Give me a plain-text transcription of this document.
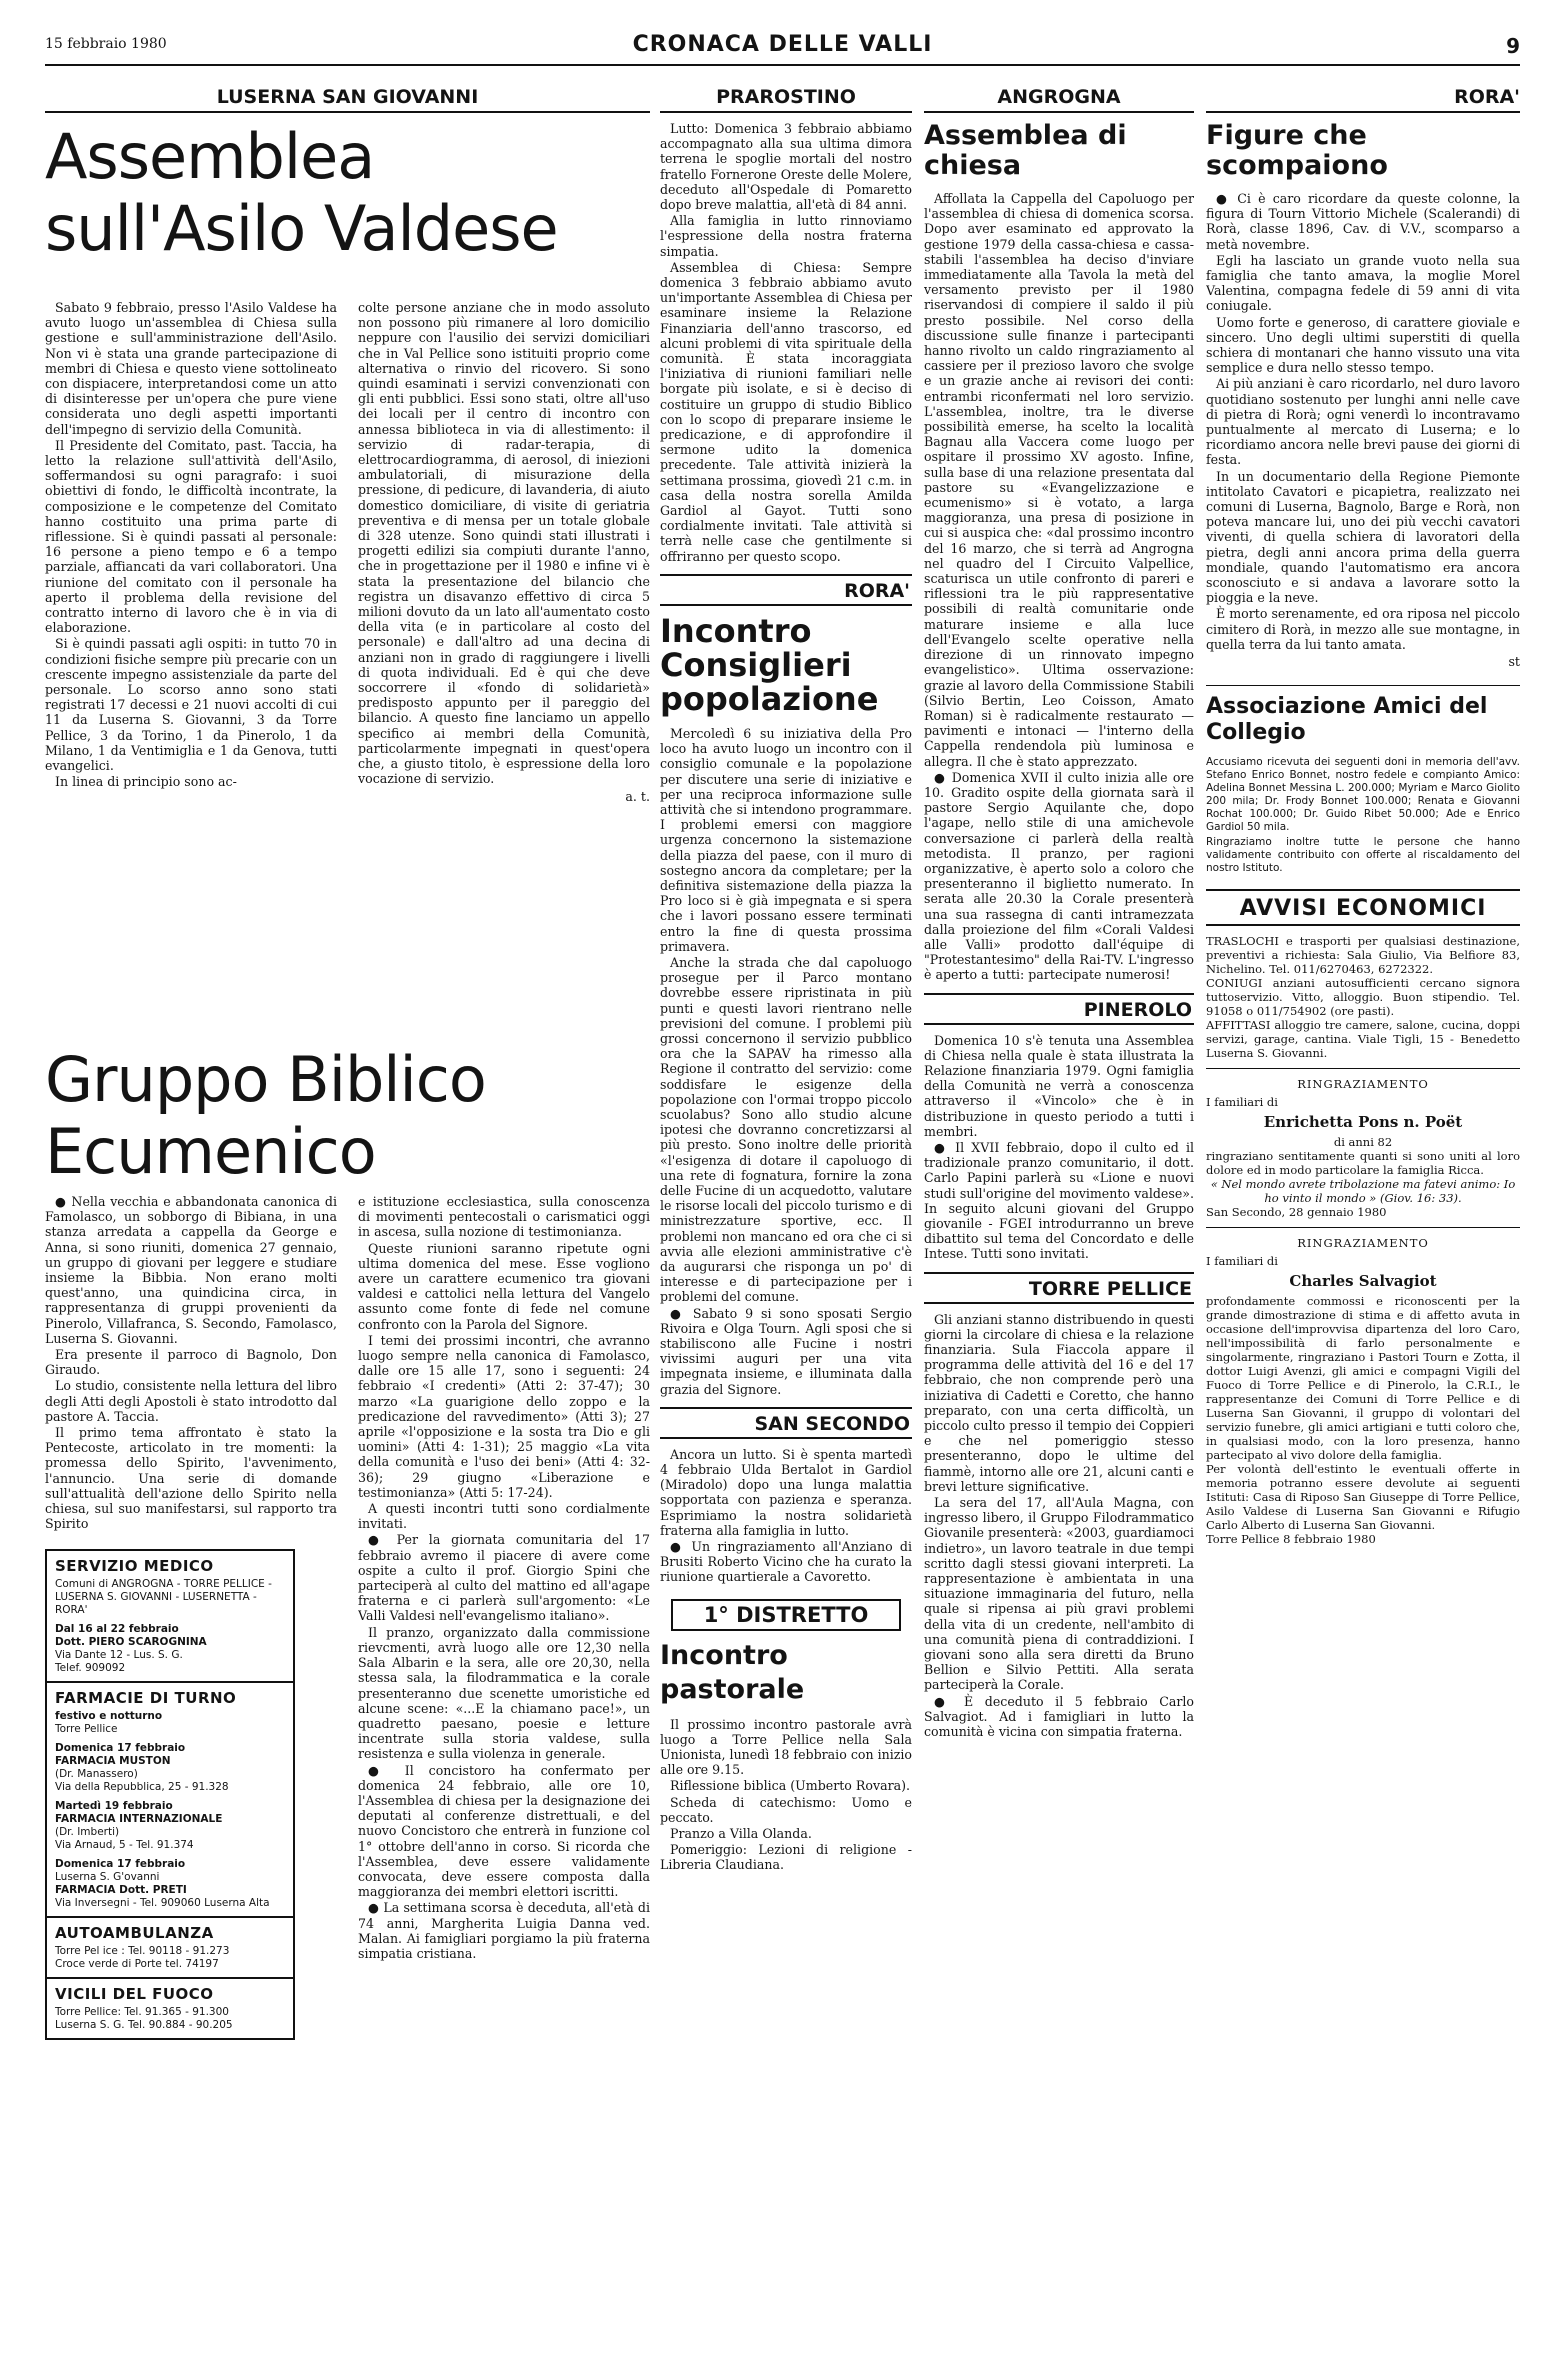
15 febbraio 1980	CRONACA DELLE VALLI	9
LUSERNA SAN GIOVANNI
Assemblea
sull'Asilo Valdese

Sabato 9 febbraio, presso l'Asilo Valdese ha avuto luogo un'assemblea di Chiesa sulla gestione e sull'amministrazione dell'Asilo. Non vi è stata una grande partecipazione di membri di Chiesa e questo viene sottolineato con dispiacere, interpretandosi come un atto di disinteresse per un'opera che pure viene considerata uno degli aspetti importanti dell'impegno di servizio della Comunità.

Il Presidente del Comitato, past. Taccia, ha letto la relazione sull'attività dell'Asilo, soffermandosi su ogni paragrafo: i suoi obiettivi di fondo, le difficoltà incontrate, la composizione e le competenze del Comitato hanno costituito una prima parte di riflessione. Si è quindi passati al personale: 16 persone a pieno tempo e 6 a tempo parziale, affiancati da vari collaboratori. Una riunione del comitato con il personale ha aperto il problema della revisione del contratto interno di lavoro che è in via di elaborazione.

Si è quindi passati agli ospiti: in tutto 70 in condizioni fisiche sempre più precarie con un crescente impegno assistenziale da parte del personale. Lo scorso anno sono stati registrati 17 decessi e 21 nuovi accolti di cui 11 da Luserna S. Giovanni, 3 da Torre Pellice, 3 da Torino, 1 da Pinerolo, 1 da Milano, 1 da Ventimiglia e 1 da Genova, tutti evangelici.

In linea di principio sono ac-

colte persone anziane che in modo assoluto non possono più rimanere al loro domicilio neppure con l'ausilio dei servizi domiciliari che in Val Pellice sono istituiti proprio come alternativa o rinvio del ricovero. Si sono quindi esaminati i servizi convenzionati con gli enti pubblici. Essi sono stati, oltre all'uso dei locali per il centro di incontro con annessa biblioteca in via di allestimento: il servizio di radar-terapia, di elettrocardiogramma, di aerosol, di iniezioni ambulatoriali, di misurazione della pressione, di pedicure, di lavanderia, di aiuto domestico domiciliare, di visite di geriatria preventiva e di mensa per un totale globale di 328 utenze. Sono quindi stati illustrati i progetti edilizi sia compiuti durante l'anno, che in progettazione per il 1980 e infine vi è stata la presentazione del bilancio che registra un disavanzo effettivo di circa 5 milioni dovuto da un lato all'aumentato costo della vita (e in particolare al costo del personale) e dall'altro ad una decina di anziani non in grado di raggiungere i livelli di quota individuali. Ed è qui che deve soccorrere il «fondo di solidarietà» predisposto appunto per il pareggio del bilancio. A questo fine lanciamo un appello specifico ai membri della Comunità, particolarmente impegnati in quest'opera che, a giusto titolo, è espressione della loro vocazione di servizio.

a. t.
Gruppo Biblico
Ecumenico

● Nella vecchia e abbandonata canonica di Famolasco, un sobborgo di Bibiana, in una stanza arredata a cappella da George e Anna, si sono riuniti, domenica 27 gennaio, un gruppo di giovani per leggere e studiare insieme la Bibbia. Non erano molti quest'anno, una quindicina circa, in rappresentanza di gruppi provenienti da Pinerolo, Villafranca, S. Secondo, Famolasco, Luserna S. Giovanni.

Era presente il parroco di Bagnolo, Don Giraudo.

Lo studio, consistente nella lettura del libro degli Atti degli Apostoli è stato introdotto dal pastore A. Taccia.

Il primo tema affrontato è stato la Pentecoste, articolato in tre momenti: la promessa dello Spirito, l'avvenimento, l'annuncio. Una serie di domande sull'attualità dell'azione dello Spirito nella chiesa, sul suo manifestarsi, sul rapporto tra Spirito

SERVIZIO MEDICO
Comuni di ANGROGNA - TORRE PELLICE - LUSERNA S. GIOVANNI - LUSERNETTA - RORA'
Dal 16 al 22 febbraio
Dott. PIERO SCAROGNINA
Via Dante 12 - Lus. S. G.
Telef. 909092
FARMACIE DI TURNO
festivo e notturno
Torre Pellice
Domenica 17 febbraio
FARMACIA MUSTON
(Dr. Manassero)
Via della Repubblica, 25 - 91.328
Martedì 19 febbraio
FARMACIA INTERNAZIONALE
(Dr. Imberti)
Via Arnaud, 5 - Tel. 91.374
Domenica 17 febbraio
Luserna S. G'ovanni
FARMACIA Dott. PRETI
Via Inversegni - Tel. 909060 Luserna Alta
AUTOAMBULANZA
Torre Pel ice : Tel. 90118 - 91.273
Croce verde di Porte tel. 74197
VICILI DEL FUOCO
Torre Pellice: Tel. 91.365 - 91.300
Luserna S. G. Tel. 90.884 - 90.205

e istituzione ecclesiastica, sulla conoscenza di movimenti pentecostali o carismatici oggi in ascesa, sulla nozione di testimonianza.

Queste riunioni saranno ripetute ogni ultima domenica del mese. Esse vogliono avere un carattere ecumenico tra giovani valdesi e cattolici nella lettura del Vangelo assunto come fonte di fede nel comune confronto con la Parola del Signore.

I temi dei prossimi incontri, che avranno luogo sempre nella canonica di Famolasco, dalle ore 15 alle 17, sono i seguenti: 24 febbraio «I credenti» (Atti 2: 37-47); 30 marzo «La guarigione dello zoppo e la predicazione del ravvedimento» (Atti 3); 27 aprile «l'opposizione e la sosta tra Dio e gli uomini» (Atti 4: 1-31); 25 maggio «La vita della comunità e l'uso dei beni» (Atti 4: 32-36); 29 giugno «Liberazione e testimonianza» (Atti 5: 17-24).

A questi incontri tutti sono cordialmente invitati.

● Per la giornata comunitaria del 17 febbraio avremo il piacere di avere come ospite a culto il prof. Giorgio Spini che parteciperà al culto del mattino ed all'agape fraterna e ci parlerà sull'argomento: «Le Valli Valdesi nell'evangelismo italiano».

Il pranzo, organizzato dalla commissione rievcmenti, avrà luogo alle ore 12,30 nella Sala Albarin e la sera, alle ore 20,30, nella stessa sala, la filodrammatica e la corale presenteranno due scenette umoristiche ed alcune scene: «...E la chiamano pace!», un quadretto paesano, poesie e letture incentrate sulla storia valdese, sulla resistenza e sulla violenza in generale.

● Il concistoro ha confermato per domenica 24 febbraio, alle ore 10, l'Assemblea di chiesa per la designazione dei deputati al conferenze distrettuali, e del nuovo Concistoro che entrerà in funzione col 1° ottobre dell'anno in corso. Si ricorda che l'Assemblea, deve essere validamente convocata, deve essere composta dalla maggioranza dei membri elettori iscritti.

● La settimana scorsa è deceduta, all'età di 74 anni, Margherita Luigia Danna ved. Malan. Ai famigliari porgiamo la più fraterna simpatia cristiana.

PRAROSTINO

Lutto: Domenica 3 febbraio abbiamo accompagnato alla sua ultima dimora terrena le spoglie mortali del nostro fratello Fornerone Oreste delle Molere, deceduto all'Ospedale di Pomaretto dopo breve malattia, all'età di 84 anni.

Alla famiglia in lutto rinnoviamo l'espressione della nostra fraterna simpatia.

Assemblea di Chiesa: Sempre domenica 3 febbraio abbiamo avuto un'importante Assemblea di Chiesa per esaminare insieme la Relazione Finanziaria dell'anno trascorso, ed alcuni problemi di vita spirituale della comunità. È stata incoraggiata l'iniziativa di riunioni familiari nelle borgate più isolate, e si è deciso di costituire un gruppo di studio Biblico con lo scopo di preparare insieme le predicazione, e di approfondire il sermone udito la domenica precedente. Tale attività inizierà la settimana prossima, giovedì 21 c.m. in casa della nostra sorella Amilda Gardiol al Gayot. Tutti sono cordialmente invitati. Tale attività si terrà nelle case che gentilmente si offriranno per questo scopo.

RORA'
Incontro Consiglieri popolazione

Mercoledì 6 su iniziativa della Pro loco ha avuto luogo un incontro con il consiglio comunale e la popolazione per discutere una serie di iniziative e per una reciproca informazione sulle attività che si intendono programmare. I problemi emersi con maggiore urgenza concernono la sistemazione della piazza del paese, con il muro di sostegno ancora da completare; per la definitiva sistemazione della piazza la Pro loco si è già impegnata e si spera che i lavori possano essere terminati entro la fine di questa prossima primavera.

Anche la strada che dal capoluogo prosegue per il Parco montano dovrebbe essere ripristinata in più punti e questi lavori rientrano nelle previsioni del comune. I problemi più grossi concernono il servizio pubblico ora che la SAPAV ha rimesso alla Regione il contratto del servizio: come soddisfare le esigenze della popolazione con l'ormai troppo piccolo scuolabus? Sono allo studio alcune ipotesi che dovranno concretizzarsi al più presto. Sono inoltre delle priorità «l'esigenza di dotare il capoluogo di una rete di fognatura, fornire la zona delle Fucine di un acquedotto, valutare le risorse locali del piccolo turismo e di ministrezzature sportive, ecc. Il problemi non mancano ed ora che ci si avvia alle elezioni amministrative c'è da augurarsi che risponga un po' di interesse e di partecipazione per i problemi del comune.

● Sabato 9 si sono sposati Sergio Rivoira e Olga Tourn. Agli sposi che si stabiliscono alle Fucine i nostri vivissimi auguri per una vita impegnata insieme, e illuminata dalla grazia del Signore.

SAN SECONDO

Ancora un lutto. Si è spenta martedì 4 febbraio Ulda Bertalot in Gardiol (Miradolo) dopo una lunga malattia sopportata con pazienza e speranza. Esprimiamo la nostra solidarietà fraterna alla famiglia in lutto.

● Un ringraziamento all'Anziano di Brusiti Roberto Vicino che ha curato la riunione quartierale a Cavoretto.

1° DISTRETTO
Incontro pastorale

Il prossimo incontro pastorale avrà luogo a Torre Pellice nella Sala Unionista, lunedì 18 febbraio con inizio alle ore 9.15.

Riflessione biblica (Umberto Rovara).

Scheda di catechismo: Uomo e peccato.

Pranzo a Villa Olanda.

Pomeriggio: Lezioni di religione - Libreria Claudiana.

ANGROGNA
Assemblea di chiesa

Affollata la Cappella del Capoluogo per l'assemblea di chiesa di domenica scorsa. Dopo aver esaminato ed approvato la gestione 1979 della cassa-chiesa e cassa-stabili l'assemblea ha deciso d'inviare immediatamente alla Tavola la metà del versamento previsto per il 1980 riservandosi di compiere il saldo il più presto possibile. Nel corso della discussione sulle finanze i partecipanti hanno rivolto un caldo ringraziamento al cassiere per il prezioso lavoro che svolge e un grazie anche ai revisori dei conti: entrambi riconfermati nel loro servizio. L'assemblea, inoltre, tra le diverse possibilità emerse, ha scelto la località Bagnau alla Vaccera come luogo per ospitare il prossimo XV agosto. Infine, sulla base di una relazione presentata dal pastore su «Evangelizzazione e ecumenismo» si è votato, a larga maggioranza, una presa di posizione in cui si auspica che: «dal prossimo incontro del 16 marzo, che si terrà ad Angrogna nel quadro del I Circuito Valpellice, scaturisca un utile confronto di pareri e riflessioni tra le più rappresentative possibili di realtà comunitarie onde maturare insieme e alla luce dell'Evangelo scelte operative nella direzione di un rinnovato impegno evangelistico». Ultima osservazione: grazie al lavoro della Commissione Stabili (Silvio Bertin, Leo Coisson, Amato Roman) si è radicalmente restaurato — pavimenti e intonaci — l'interno della Cappella rendendola più luminosa e allegra. Il che è stato apprezzato.

● Domenica XVII il culto inizia alle ore 10. Gradito ospite della giornata sarà il pastore Sergio Aquilante che, dopo l'agape, nello stile di una amichevole conversazione ci parlerà della realtà metodista. Il pranzo, per ragioni organizzative, è aperto solo a coloro che presenteranno il biglietto numerato. In serata alle 20.30 la Corale presenterà una sua rassegna di canti intramezzata dalla proiezione del film «Corali Valdesi alle Valli» prodotto dall'équipe di "Protestantesimo" della Rai-TV. L'ingresso è aperto a tutti: partecipate numerosi!

PINEROLO

Domenica 10 s'è tenuta una Assemblea di Chiesa nella quale è stata illustrata la Relazione finanziaria 1979. Ogni famiglia della Comunità ne verrà a conoscenza attraverso il «Vincolo» che è in distribuzione in questo periodo a tutti i membri.

● Il XVII febbraio, dopo il culto ed il tradizionale pranzo comunitario, il dott. Carlo Papini parlerà su «Lione e nuovi studi sull'origine del movimento valdese». In seguito alcuni giovani del Gruppo giovanile - FGEI introdurranno un breve dibattito sul tema del Concordato e delle Intese. Tutti sono invitati.

TORRE PELLICE

Gli anziani stanno distribuendo in questi giorni la circolare di chiesa e la relazione finanziaria. Sula Fiaccola appare il programma delle attività del 16 e del 17 febbraio, che non comprende però una iniziativa di Cadetti e Coretto, che hanno preparato, con una certa difficoltà, un piccolo culto presso il tempio dei Coppieri e che nel pomeriggio stesso presenteranno, dopo le ultime del fiammè, intorno alle ore 21, alcuni canti e brevi letture significative.

La sera del 17, all'Aula Magna, con ingresso libero, il Gruppo Filodrammatico Giovanile presenterà: «2003, guardiamoci indietro», un lavoro teatrale in due tempi scritto dagli stessi giovani interpreti. La rappresentazione è ambientata in una situazione immaginaria del futuro, nella quale si ripensa ai più gravi problemi della vita di un credente, nell'ambito di una comunità piena di contraddizioni. I giovani sono alla sera diretti da Bruno Bellion e Silvio Pettiti. Alla serata parteciperà la Corale.

● È deceduto il 5 febbraio Carlo Salvagiot. Ad i famigliari in lutto la comunità è vicina con simpatia fraterna.

RORA'
Figure che scompaiono

● Ci è caro ricordare da queste colonne, la figura di Tourn Vittorio Michele (Scalerandi) di Rorà, classe 1896, Cav. di V.V., scomparso a metà novembre.

Egli ha lasciato un grande vuoto nella sua famiglia che tanto amava, la moglie Morel Valentina, compagna fedele di 59 anni di vita coniugale.

Uomo forte e generoso, di carattere gioviale e sincero. Uno degli ultimi superstiti di quella schiera di montanari che hanno vissuto una vita semplice e dura nello stesso tempo.

Ai più anziani è caro ricordarlo, nel duro lavoro quotidiano sostenuto per lunghi anni nelle cave di pietra di Rorà; ogni venerdì lo incontravamo puntualmente al mercato di Luserna; e lo ricordiamo ancora nelle brevi pause dei giorni di festa.

In un documentario della Regione Piemonte intitolato Cavatori e picapietra, realizzato nei comuni di Luserna, Bagnolo, Barge e Rorà, non poteva mancare lui, uno dei più vecchi cavatori viventi, di quella schiera di lavoratori della pietra, degli anni ancora prima della guerra mondiale, quando l'automatismo era ancora sconosciuto e si andava a lavorare sotto la pioggia e la neve.

È morto serenamente, ed ora riposa nel piccolo cimitero di Rorà, in mezzo alle sue montagne, in quella terra da lui tanto amata.

st
Associazione Amici del Collegio

Accusiamo ricevuta dei seguenti doni in memoria dell'avv. Stefano Enrico Bonnet, nostro fedele e compianto Amico: Adelina Bonnet Messina L. 200.000; Myriam e Marco Giolito 200 mila; Dr. Frody Bonnet 100.000; Renata e Giovanni Rochat 100.000; Dr. Guido Ribet 50.000; Ade e Enrico Gardiol 50 mila.

Ringraziamo inoltre tutte le persone che hanno validamente contribuito con offerte al riscaldamento del nostro Istituto.

AVVISI ECONOMICI

TRASLOCHI e trasporti per qualsiasi destinazione, preventivi a richiesta: Sala Giulio, Via Belfiore 83, Nichelino. Tel. 011/6270463, 6272322.

CONIUGI anziani autosufficienti cercano signora tuttoservizio. Vitto, alloggio. Buon stipendio. Tel. 91058 o 011/754902 (ore pasti).

AFFITTASI alloggio tre camere, salone, cucina, doppi servizi, garage, cantina. Viale Tigli, 15 - Benedetto Luserna S. Giovanni.

RINGRAZIAMENTO
I familiari di
Enrichetta Pons n. Poët
di anni 82

ringraziano sentitamente quanti si sono uniti al loro dolore ed in modo particolare la famiglia Ricca.

« Nel mondo avrete tribolazione ma fatevi animo: Io ho vinto il mondo » (Giov. 16: 33).

San Secondo, 28 gennaio 1980
RINGRAZIAMENTO
I familiari di
Charles Salvagiot

profondamente commossi e riconoscenti per la grande dimostrazione di stima e di affetto avuta in occasione dell'improvvisa dipartenza del loro Caro, nell'impossibilità di farlo personalmente e singolarmente, ringraziano i Pastori Tourn e Zotta, il dottor Luigi Avenzi, gli amici e compagni Vigili del Fuoco di Torre Pellice e di Pinerolo, la C.R.I., le rappresentanze dei Comuni di Torre Pellice e di Luserna San Giovanni, il gruppo di volontari del servizio funebre, gli amici artigiani e tutti coloro che, in qualsiasi modo, con la loro presenza, hanno partecipato al vivo dolore della famiglia.

Per volontà dell'estinto le eventuali offerte in memoria potranno essere devolute ai seguenti Istituti: Casa di Riposo San Giuseppe di Torre Pellice, Asilo Valdese di Luserna San Giovanni e Rifugio Carlo Alberto di Luserna San Giovanni.

Torre Pellice 8 febbraio 1980
